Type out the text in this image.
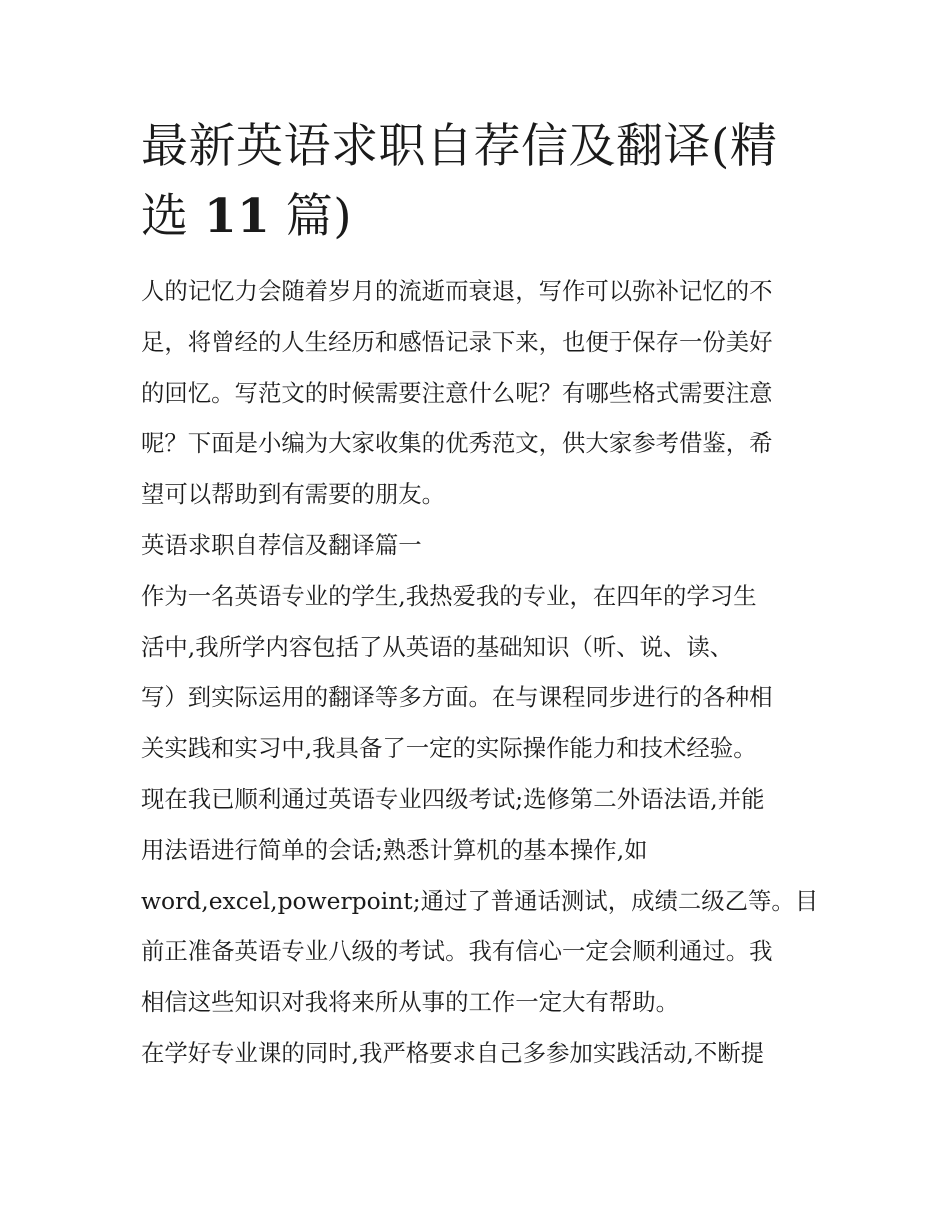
最新英语求职自荐信及翻译(精
选 11 篇)

人的记忆力会随着岁月的流逝而衰退，写作可以弥补记忆的不
足，将曾经的人生经历和感悟记录下来，也便于保存一份美好
的回忆。写范文的时候需要注意什么呢？有哪些格式需要注意
呢？下面是小编为大家收集的优秀范文，供大家参考借鉴，希
望可以帮助到有需要的朋友。

英语求职自荐信及翻译篇一

作为一名英语专业的学生,我热爱我的专业，在四年的学习生
活中,我所学内容包括了从英语的基础知识（听、说、读、
写）到实际运用的翻译等多方面。在与课程同步进行的各种相
关实践和实习中,我具备了一定的实际操作能力和技术经验。
现在我已顺利通过英语专业四级考试;选修第二外语法语,并能
用法语进行简单的会话;熟悉计算机的基本操作,如
word,excel,powerpoint;通过了普通话测试，成绩二级乙等。目
前正准备英语专业八级的考试。我有信心一定会顺利通过。我
相信这些知识对我将来所从事的工作一定大有帮助。
在学好专业课的同时,我严格要求自己多参加实践活动,不断提
